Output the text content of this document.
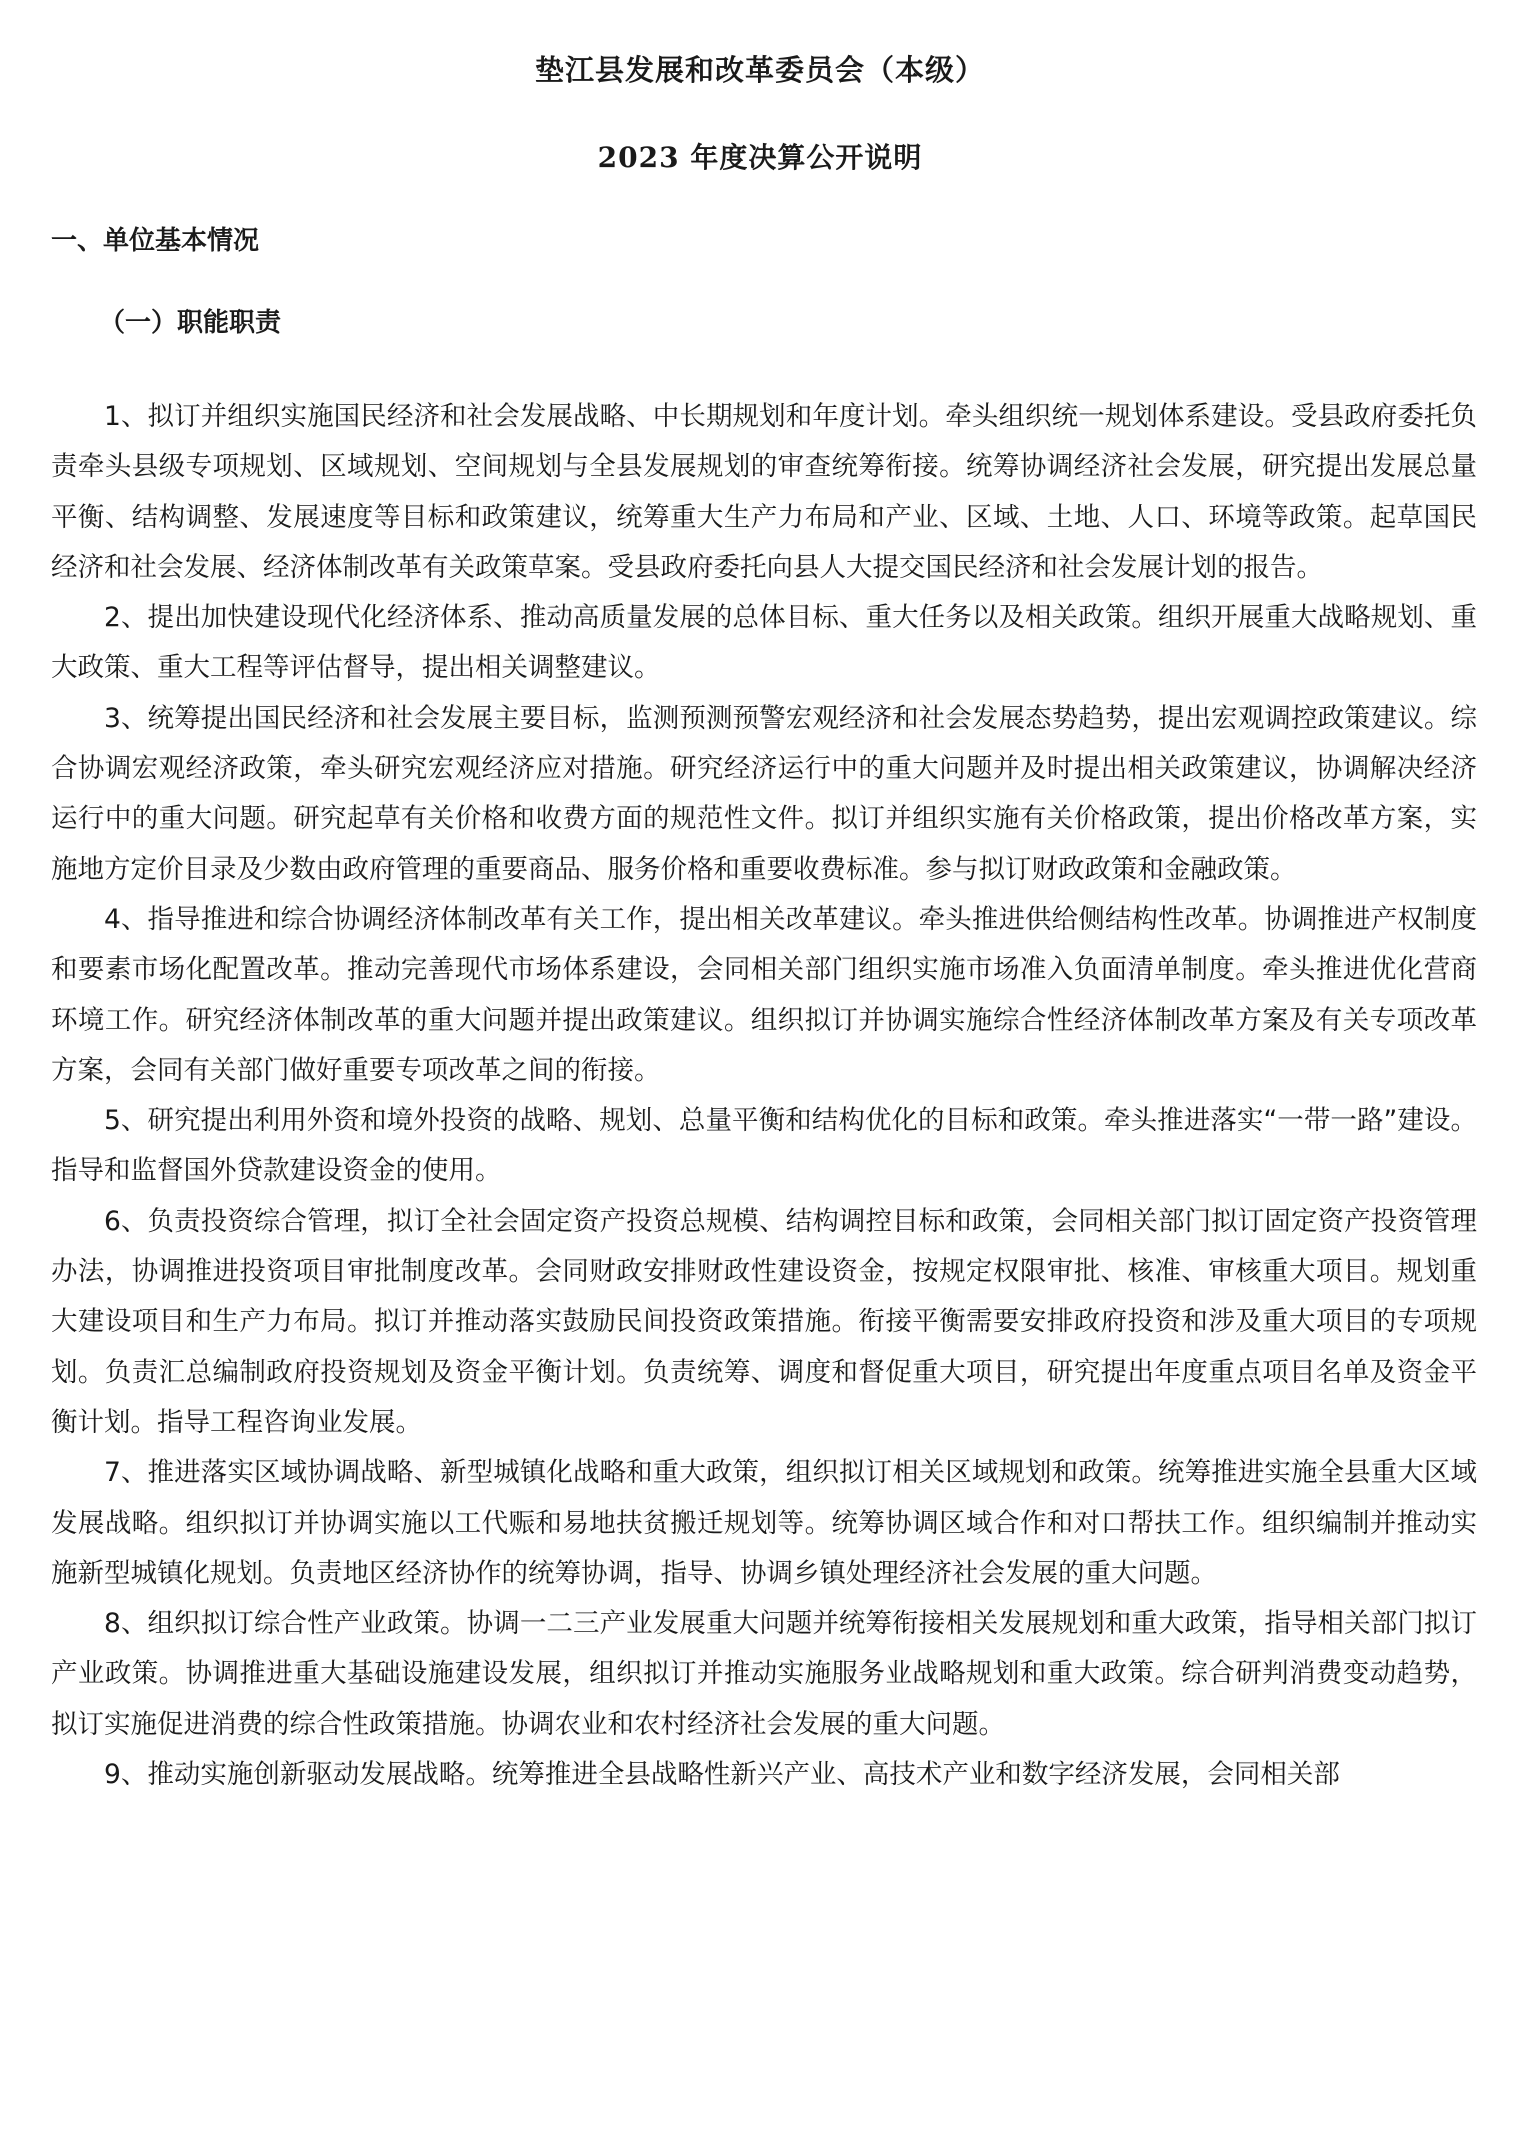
垫江县发展和改革委员会（本级）
2023 年度决算公开说明
一、单位基本情况
（一）职能职责

1、拟订并组织实施国民经济和社会发展战略、中长期规划和年度计划。牵头组织统一规划体系建设。受县政府委托负责牵头县级专项规划、区域规划、空间规划与全县发展规划的审查统筹衔接。统筹协调经济社会发展，研究提出发展总量平衡、结构调整、发展速度等目标和政策建议，统筹重大生产力布局和产业、区域、土地、人口、环境等政策。起草国民经济和社会发展、经济体制改革有关政策草案。受县政府委托向县人大提交国民经济和社会发展计划的报告。

2、提出加快建设现代化经济体系、推动高质量发展的总体目标、重大任务以及相关政策。组织开展重大战略规划、重大政策、重大工程等评估督导，提出相关调整建议。

3、统筹提出国民经济和社会发展主要目标，监测预测预警宏观经济和社会发展态势趋势，提出宏观调控政策建议。综合协调宏观经济政策，牵头研究宏观经济应对措施。研究经济运行中的重大问题并及时提出相关政策建议，协调解决经济运行中的重大问题。研究起草有关价格和收费方面的规范性文件。拟订并组织实施有关价格政策，提出价格改革方案，实施地方定价目录及少数由政府管理的重要商品、服务价格和重要收费标准。参与拟订财政政策和金融政策。

4、指导推进和综合协调经济体制改革有关工作，提出相关改革建议。牵头推进供给侧结构性改革。协调推进产权制度和要素市场化配置改革。推动完善现代市场体系建设，会同相关部门组织实施市场准入负面清单制度。牵头推进优化营商环境工作。研究经济体制改革的重大问题并提出政策建议。组织拟订并协调实施综合性经济体制改革方案及有关专项改革方案，会同有关部门做好重要专项改革之间的衔接。

5、研究提出利用外资和境外投资的战略、规划、总量平衡和结构优化的目标和政策。牵头推进落实“一带一路”建设。指导和监督国外贷款建设资金的使用。

6、负责投资综合管理，拟订全社会固定资产投资总规模、结构调控目标和政策，会同相关部门拟订固定资产投资管理办法，协调推进投资项目审批制度改革。会同财政安排财政性建设资金，按规定权限审批、核准、审核重大项目。规划重大建设项目和生产力布局。拟订并推动落实鼓励民间投资政策措施。衔接平衡需要安排政府投资和涉及重大项目的专项规划。负责汇总编制政府投资规划及资金平衡计划。负责统筹、调度和督促重大项目，研究提出年度重点项目名单及资金平衡计划。指导工程咨询业发展。

7、推进落实区域协调战略、新型城镇化战略和重大政策，组织拟订相关区域规划和政策。统筹推进实施全县重大区域发展战略。组织拟订并协调实施以工代赈和易地扶贫搬迁规划等。统筹协调区域合作和对口帮扶工作。组织编制并推动实施新型城镇化规划。负责地区经济协作的统筹协调，指导、协调乡镇处理经济社会发展的重大问题。

8、组织拟订综合性产业政策。协调一二三产业发展重大问题并统筹衔接相关发展规划和重大政策，指导相关部门拟订产业政策。协调推进重大基础设施建设发展，组织拟订并推动实施服务业战略规划和重大政策。综合研判消费变动趋势，拟订实施促进消费的综合性政策措施。协调农业和农村经济社会发展的重大问题。

9、推动实施创新驱动发展战略。统筹推进全县战略性新兴产业、高技术产业和数字经济发展，会同相关部
